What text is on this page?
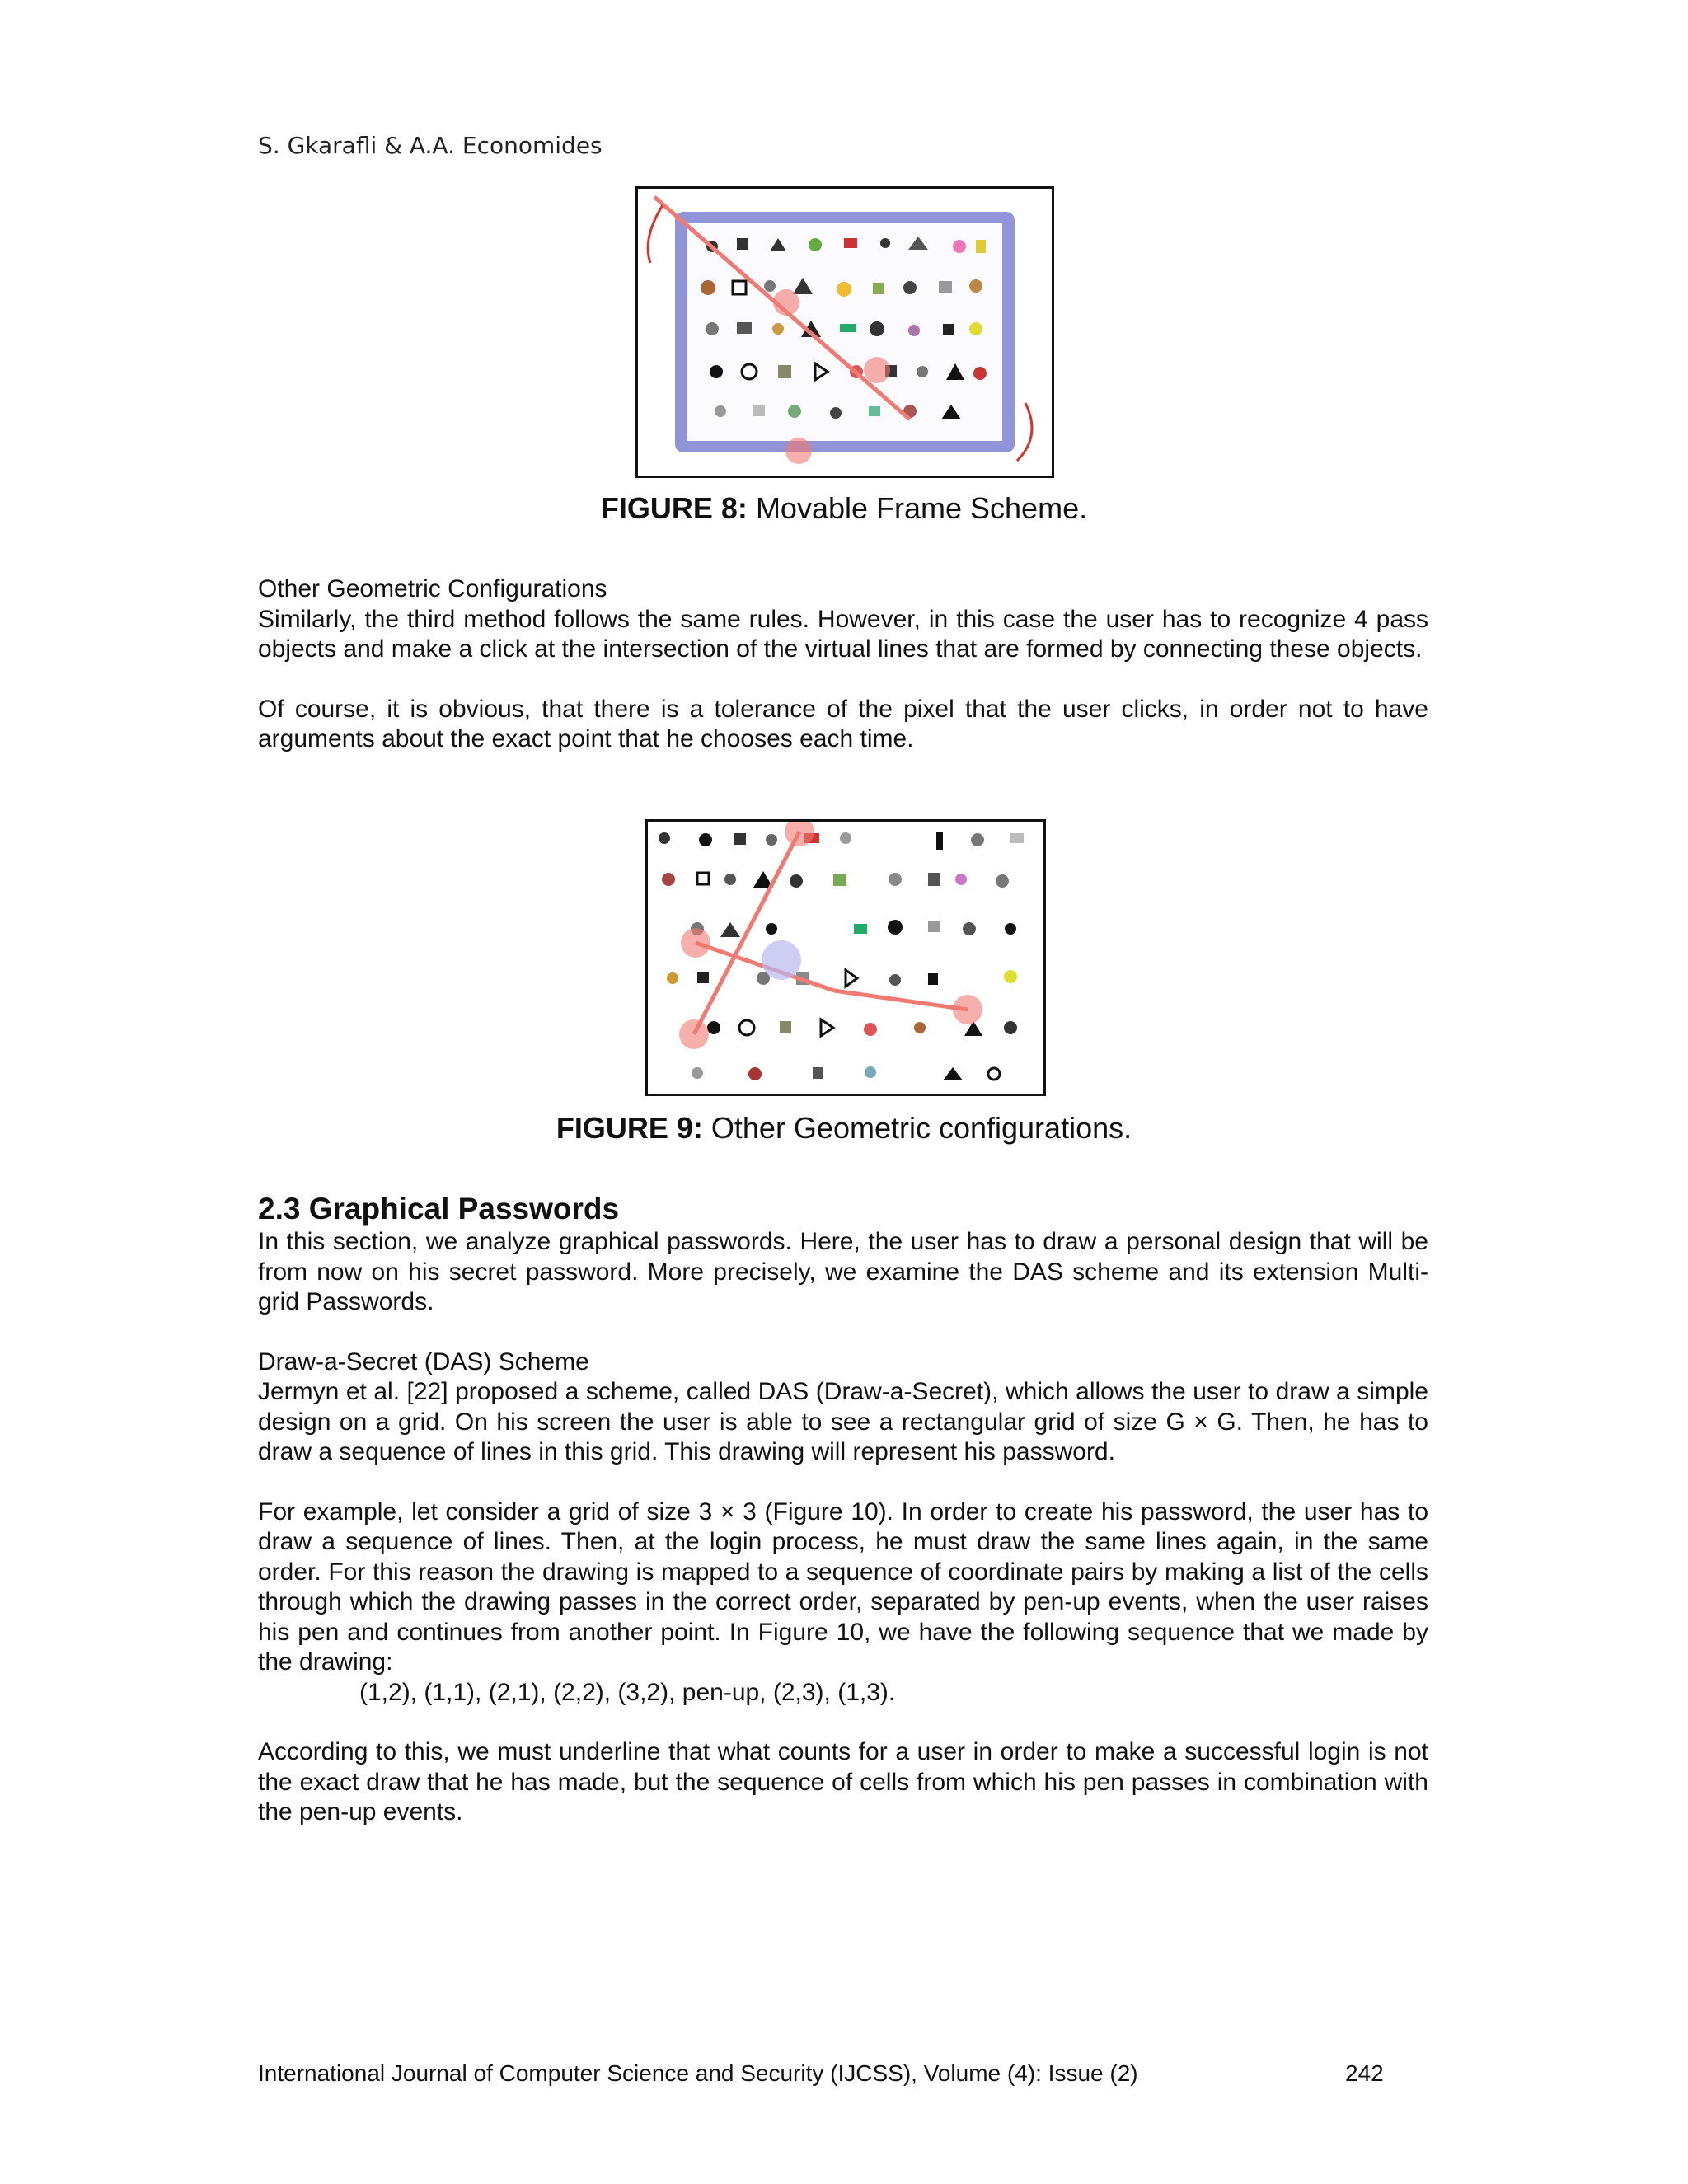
S. Gkarafli & A.A. Economides
FIGURE 8: Movable Frame Scheme.

Other Geometric Configurations

Similarly, the third method follows the same rules. However, in this case the user has to recognize 4 pass objects and make a click at the intersection of the virtual lines that are formed by connecting these objects.

Of course, it is obvious, that there is a tolerance of the pixel that the user clicks, in order not to have arguments about the exact point that he chooses each time.

FIGURE 9: Other Geometric configurations.
2.3 Graphical Passwords

In this section, we analyze graphical passwords. Here, the user has to draw a personal design that will be from now on his secret password. More precisely, we examine the DAS scheme and its extension Multi-grid Passwords.

Draw-a-Secret (DAS) Scheme

Jermyn et al. [22] proposed a scheme, called DAS (Draw-a-Secret), which allows the user to draw a simple design on a grid. On his screen the user is able to see a rectangular grid of size G × G. Then, he has to draw a sequence of lines in this grid. This drawing will represent his password.

For example, let consider a grid of size 3 × 3 (Figure 10). In order to create his password, the user has to draw a sequence of lines. Then, at the login process, he must draw the same lines again, in the same order. For this reason the drawing is mapped to a sequence of coordinate pairs by making a list of the cells through which the drawing passes in the correct order, separated by pen-up events, when the user raises his pen and continues from another point. In Figure 10, we have the following sequence that we made by the drawing:

(1,2), (1,1), (2,1), (2,2), (3,2), pen-up, (2,3), (1,3).

According to this, we must underline that what counts for a user in order to make a successful login is not the exact draw that he has made, but the sequence of cells from which his pen passes in combination with the pen-up events.

International Journal of Computer Science and Security (IJCSS), Volume (4): Issue (2)	242
